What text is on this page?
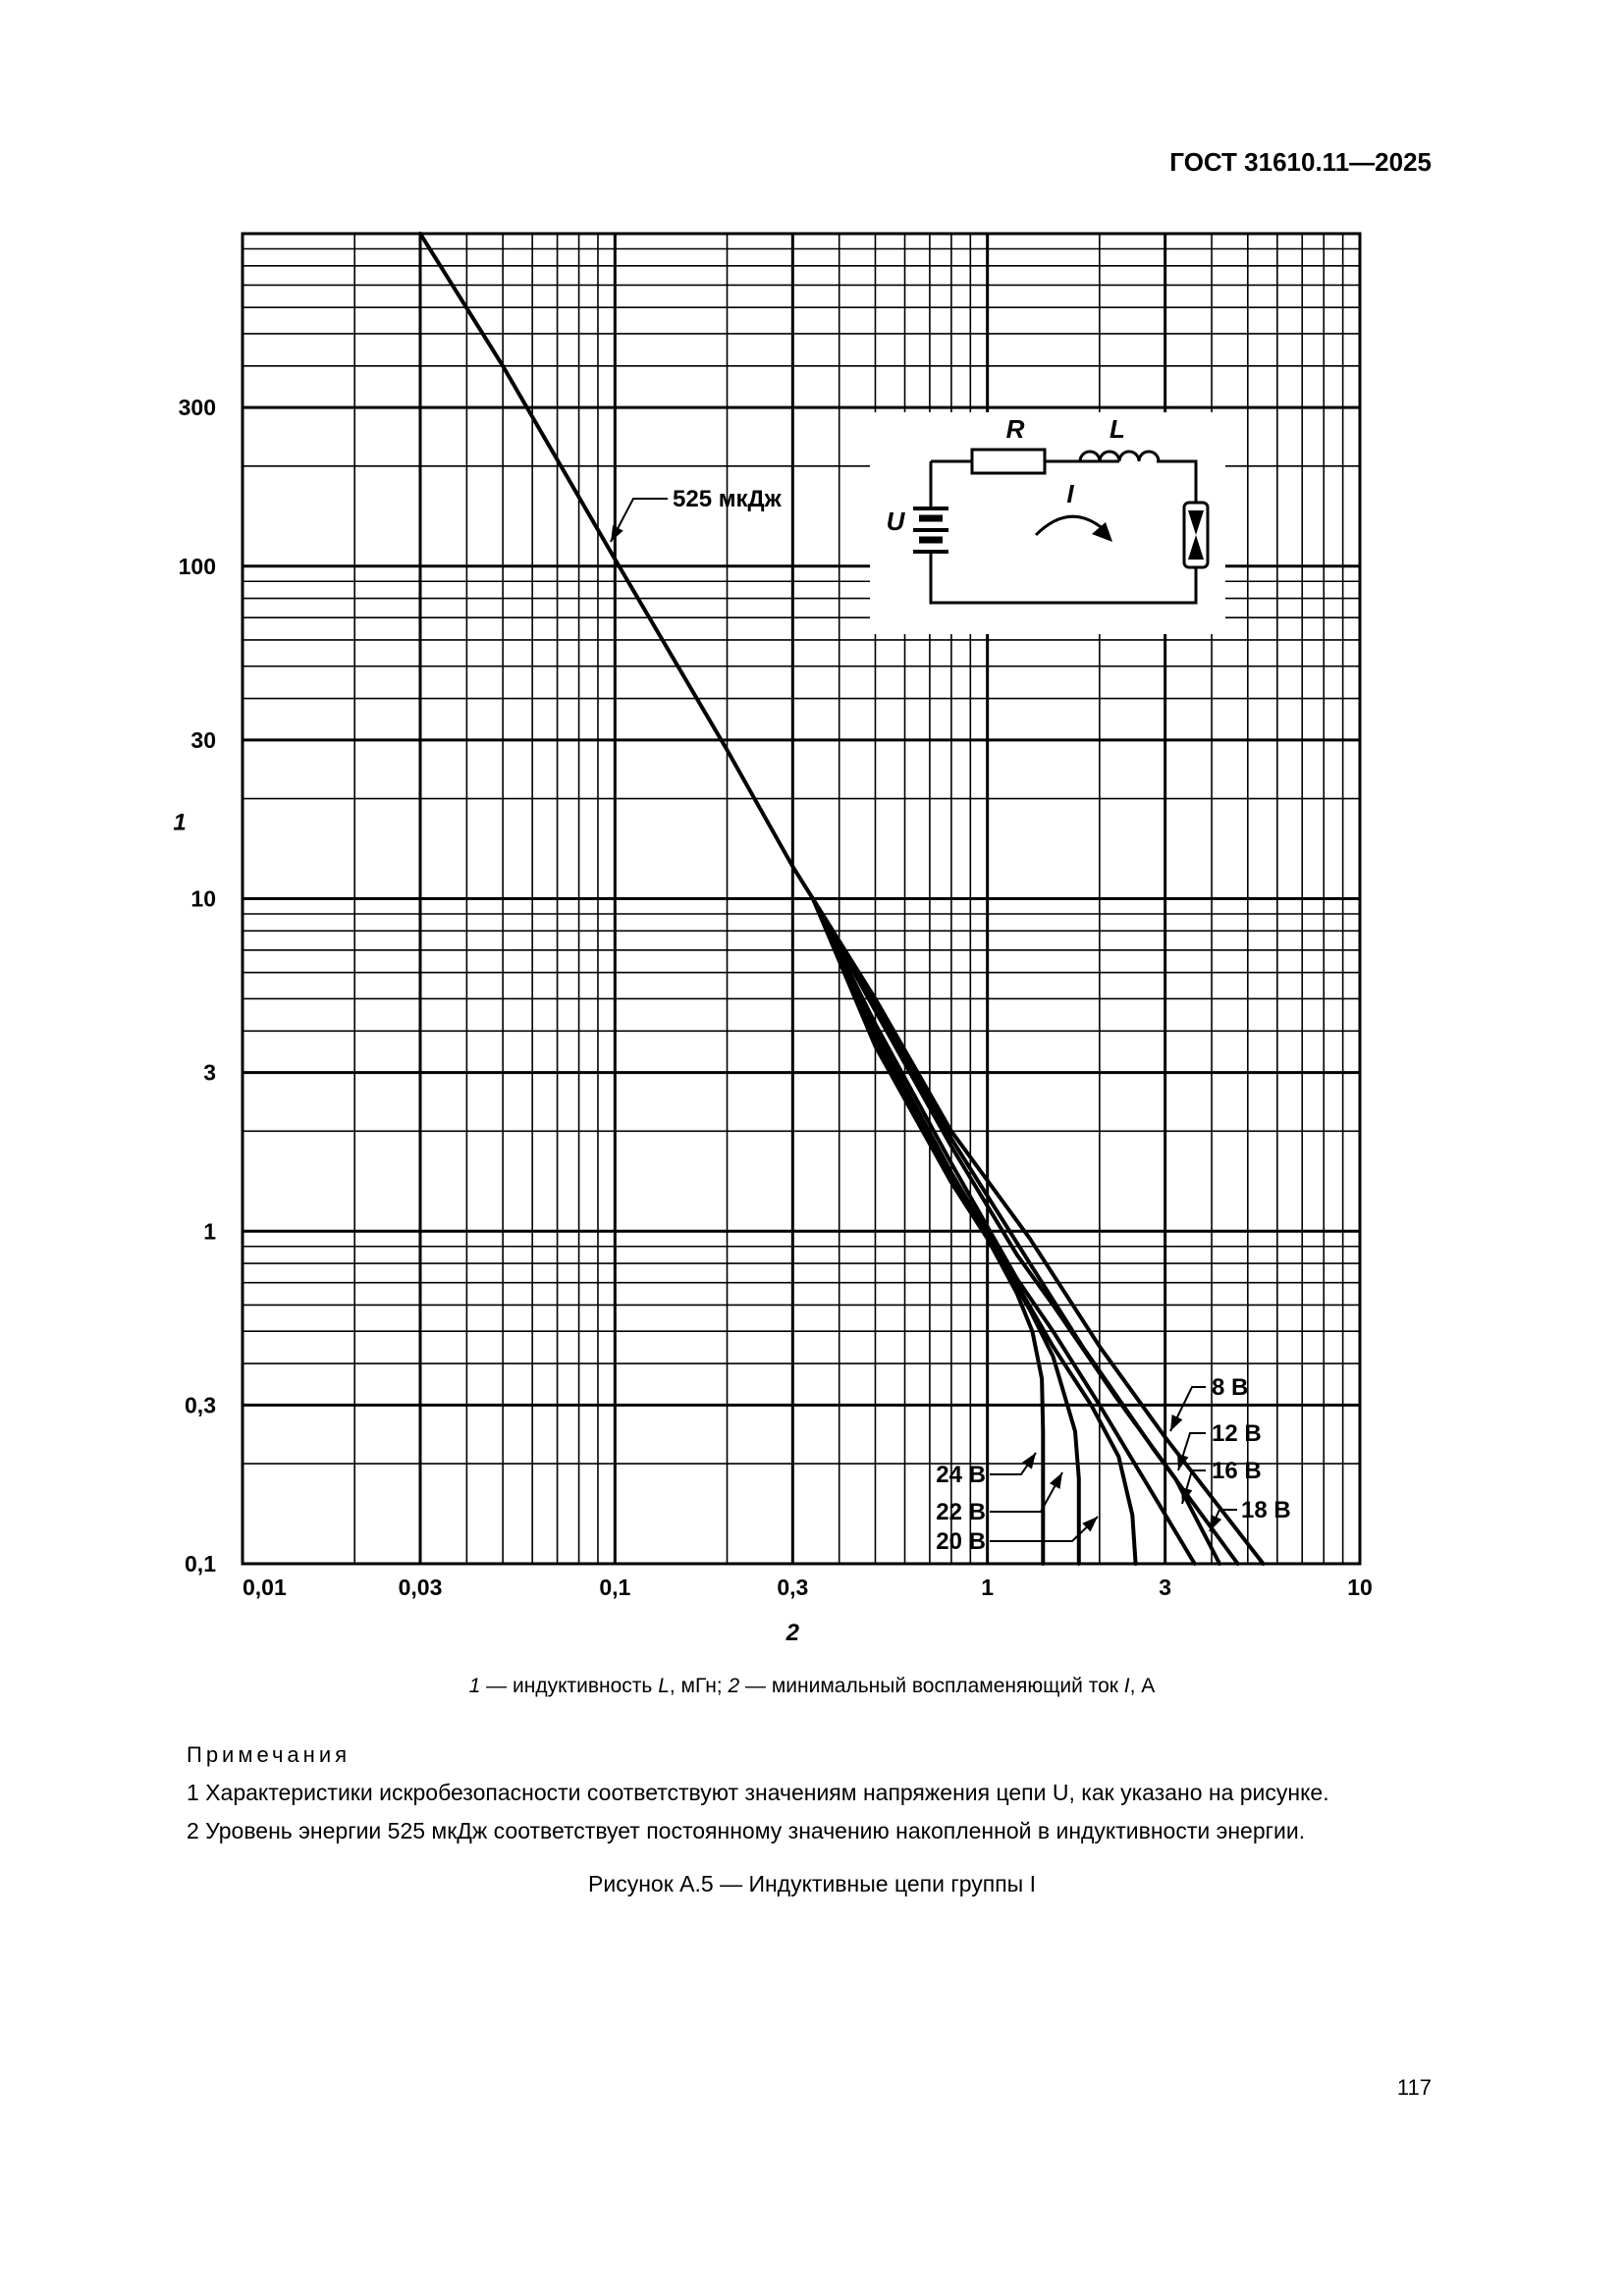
ГОСТ 31610.11—2025
0,01	0,03	0,1	0,3	1	3	10
0,1
0,3
1
3
10
30
100
300
2
1
R	L
I
U
525 мкДж
8 В
12 В
16 В
18 В
24 В
22 В
20 В
1 — индуктивность L, мГн; 2 — минимальный воспламеняющий ток I, А
Примечания
1 Характеристики искробезопасности соответствуют значениям напряжения цепи U, как указано на рисунке.
2 Уровень энергии 525 мкДж соответствует постоянному значению накопленной в индуктивности энергии.
Рисунок А.5 — Индуктивные цепи группы I
117
